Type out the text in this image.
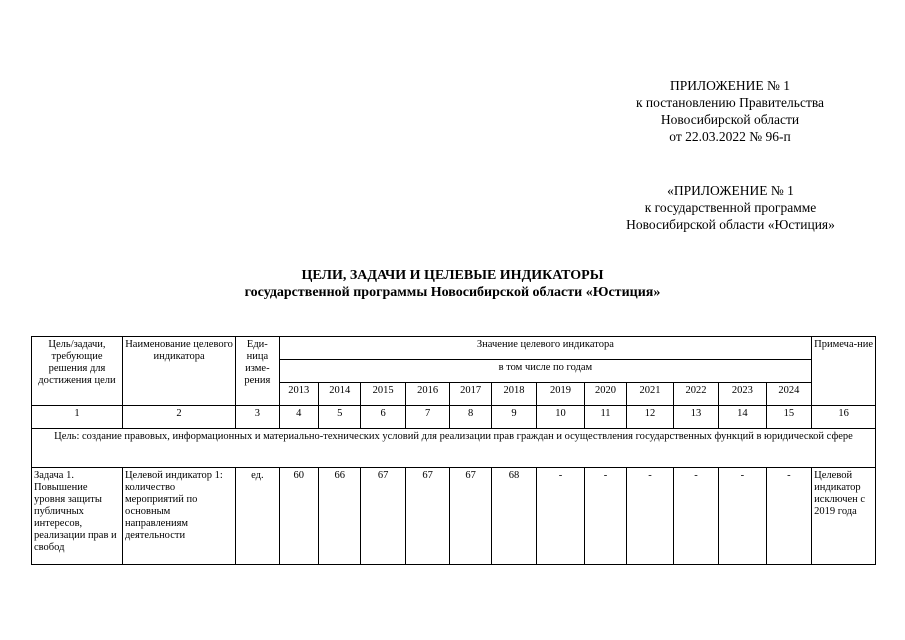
ПРИЛОЖЕНИЕ № 1
к постановлению Правительства
Новосибирской области
от 22.03.2022 № 96-п
«ПРИЛОЖЕНИЕ № 1
к государственной программе
Новосибирской области «Юстиция»
ЦЕЛИ, ЗАДАЧИ И ЦЕЛЕВЫЕ ИНДИКАТОРЫ
государственной программы Новосибирской области «Юстиция»
Цель/задачи, требующие решения для достижения цели	Наименование целевого индикатора	Еди-ница изме-рения	Значение целевого индикатора												Примеча-ние
			в том числе по годам												
			2013	2014	2015	2016	2017	2018	2019	2020	2021	2022	2023	2024	
1	2	3	4	5	6	7	8	9	10	11	12	13	14	15	16
Цель: создание правовых, информационных и материально-технических условий для реализации прав граждан и осуществления государственных функций в юридической сфере															
Задача 1. Повышение уровня защиты публичных интересов, реализации прав и свобод	Целевой индикатор 1: количество мероприятий по основным направлениям деятельности	ед.	60	66	67	67	67	68	-	-	-	-	-	-	Целевой индикатор исключен с 2019 года
